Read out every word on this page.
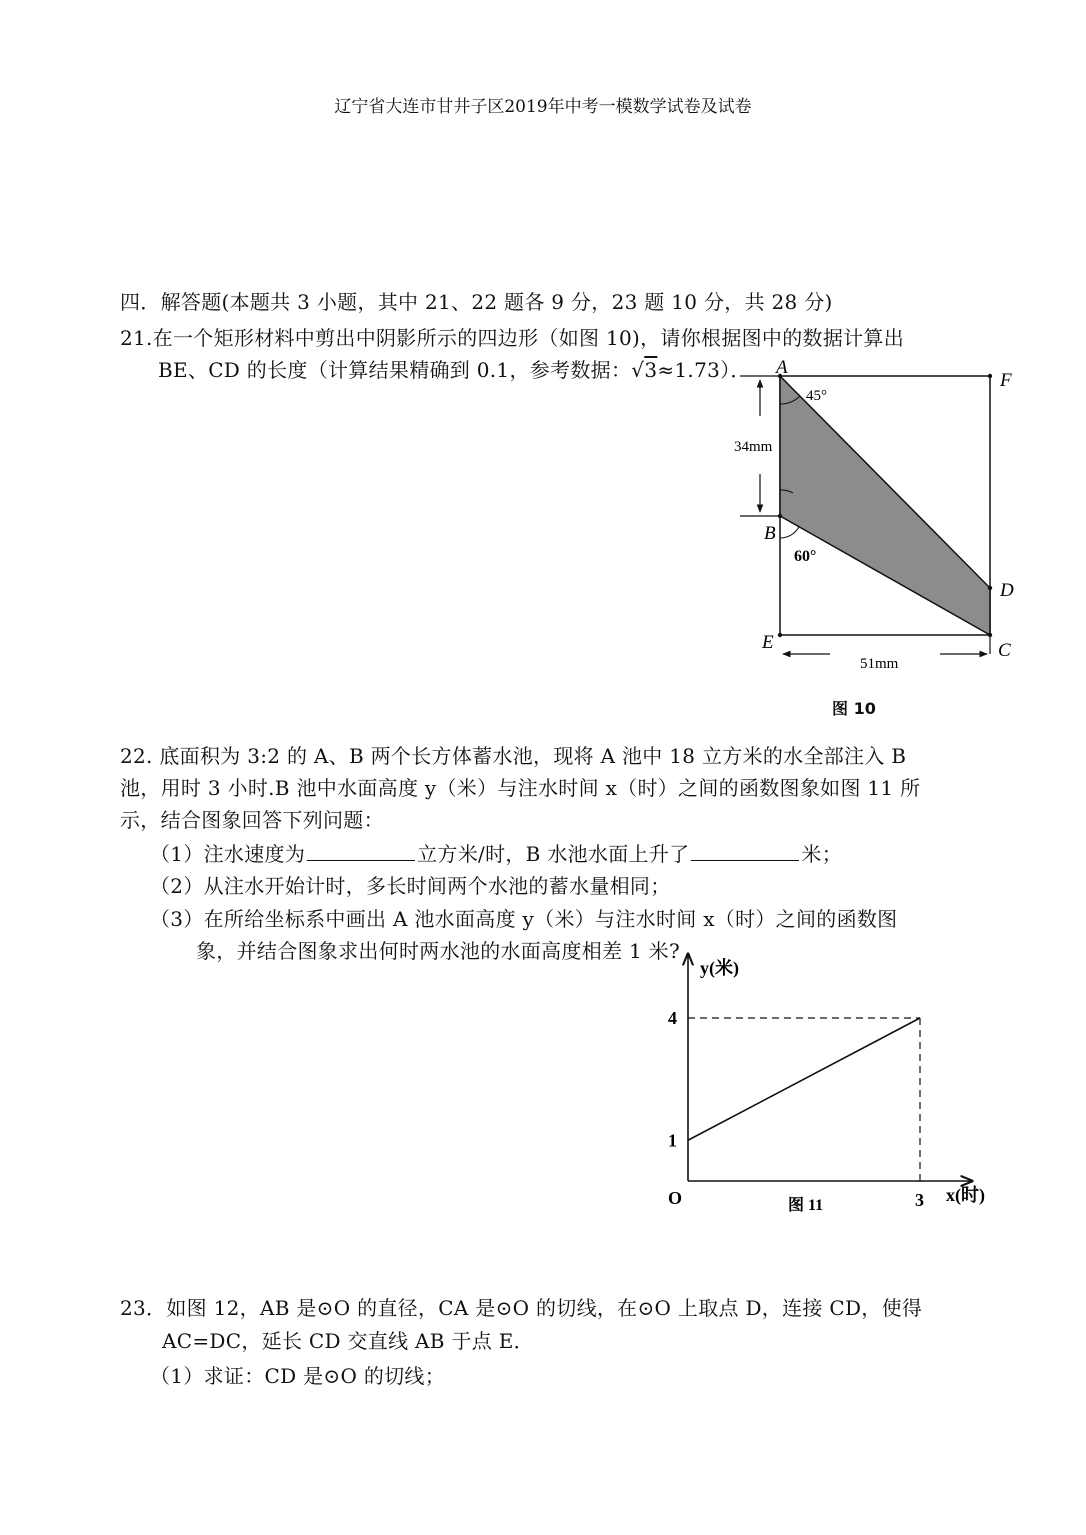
辽宁省大连市甘井子区2019年中考一模数学试卷及试卷
四．解答题(本题共 3 小题，其中 21、22 题各 9 分，23 题 10 分，共 28 分)
21.在一个矩形材料中剪出中阴影所示的四边形（如图 10)，请你根据图中的数据计算出
BE、CD 的长度（计算结果精确到 0.1，参考数据：√3≈1.73）． A
F
B
D
C
E
45°
60°
34mm
51mm
图 10
22. 底面积为 3:2 的 A、B 两个长方体蓄水池，现将 A 池中 18 立方米的水全部注入 B
池，用时 3 小时.B 池中水面高度 y（米）与注水时间 x（时）之间的函数图象如图 11 所
示，结合图象回答下列问题：
（1）注水速度为	立方米/时，B 水池水面上升了	米；
（2）从注水开始计时，多长时间两个水池的蓄水量相同；
（3）在所给坐标系中画出 A 池水面高度 y（米）与注水时间 x（时）之间的函数图
象，并结合图象求出何时两水池的水面高度相差 1 米?
y(米)
x(时)
O
1
4
3
图 11
23．如图 12，AB 是⊙O 的直径，CA 是⊙O 的切线，在⊙O 上取点 D，连接 CD，使得
AC=DC，延长 CD 交直线 AB 于点 E．
（1）求证：CD 是⊙O 的切线；
